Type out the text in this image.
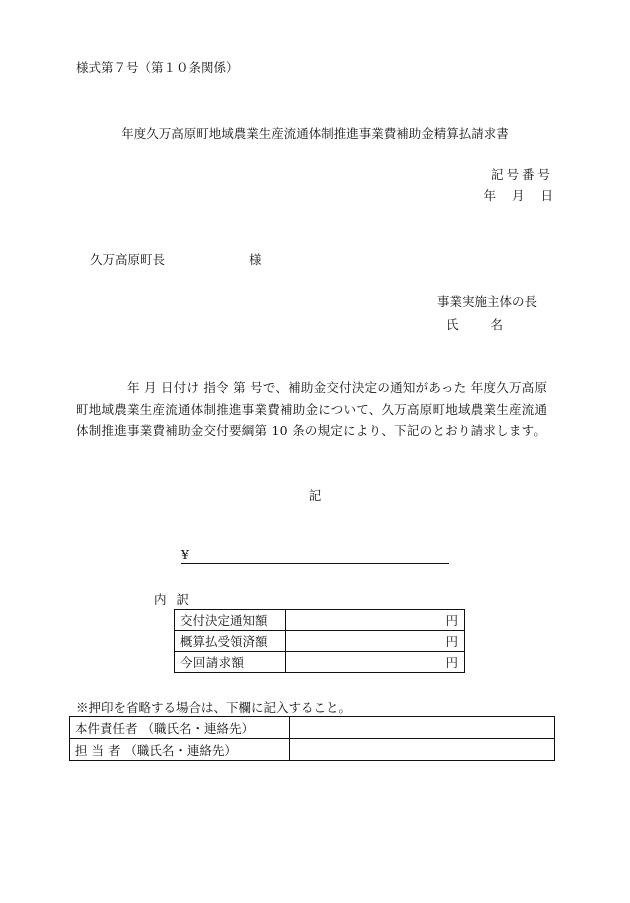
様式第７号（第１０条関係）
年度久万高原町地域農業生産流通体制推進事業費補助金精算払請求書
記号番号
年 月 日
久万高原町長	様
事業実施主体の長
氏 名

年 月 日付け 指令 第 号で、補助金交付決定の通知があった 年度久万高原町地域農業生産流通体制推進事業費補助金について、久万高原町地域農業生産流通体制推進事業費補助金交付要綱第 10 条の規定により、下記のとおり請求します。

記
¥
内 訳
交付決定通知額	円
概算払受領済額	円
今回請求額	円
※押印を省略する場合は、下欄に記入すること。
本件責任者 （職氏名・連絡先）	
担 当 者 （職氏名・連絡先）	
